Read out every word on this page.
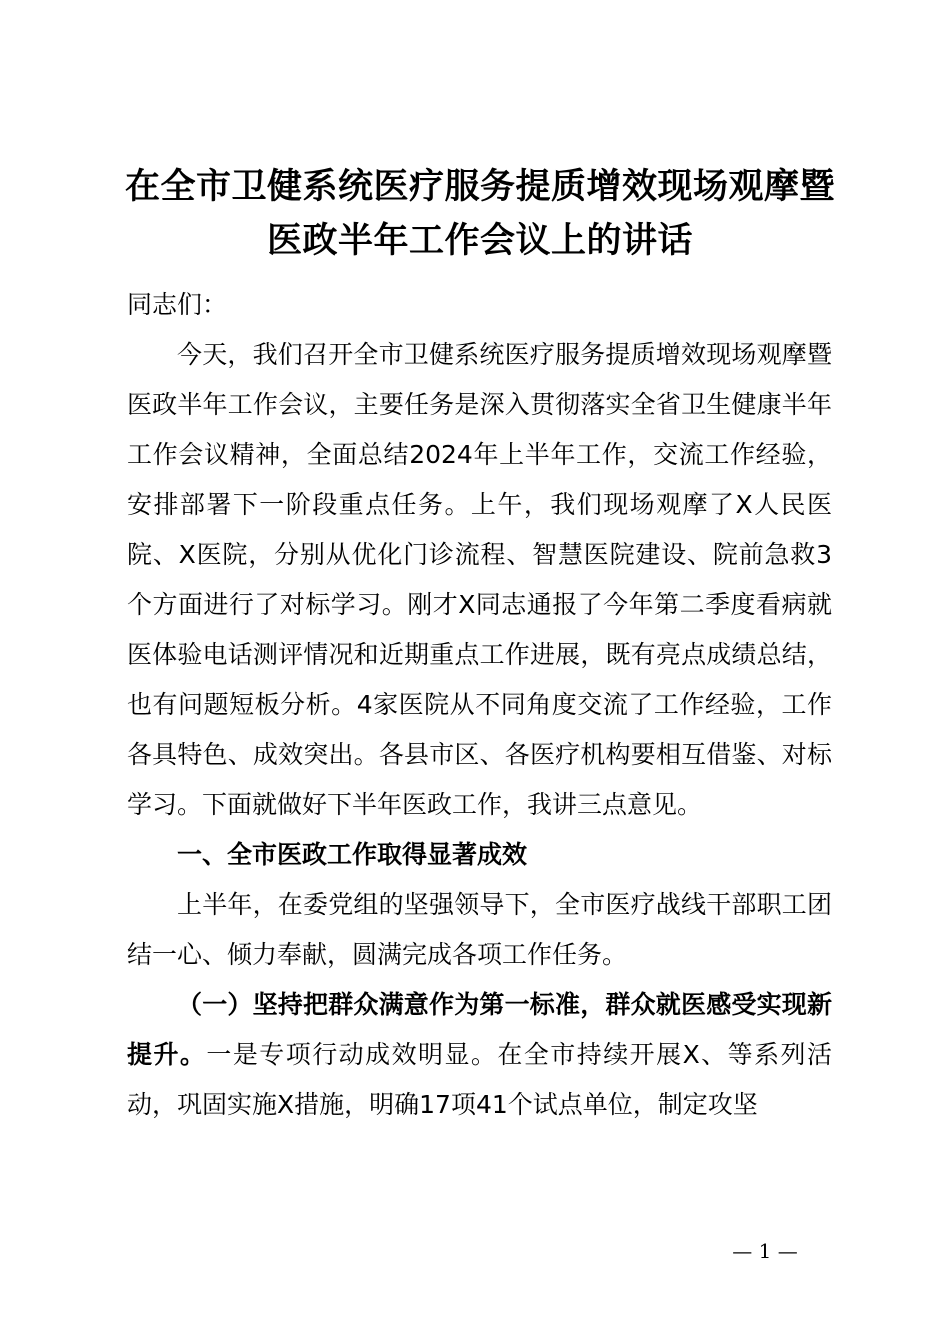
在全市卫健系统医疗服务提质增效现场观摩暨
医政半年工作会议上的讲话

同志们：

今天，我们召开全市卫健系统医疗服务提质增效现场观摩暨医政半年工作会议，主要任务是深入贯彻落实全省卫生健康半年工作会议精神，全面总结2024年上半年工作，交流工作经验，安排部署下一阶段重点任务。上午，我们现场观摩了X人民医院、X医院，分别从优化门诊流程、智慧医院建设、院前急救3个方面进行了对标学习。刚才X同志通报了今年第二季度看病就医体验电话测评情况和近期重点工作进展，既有亮点成绩总结，也有问题短板分析。4家医院从不同角度交流了工作经验，工作各具特色、成效突出。各县市区、各医疗机构要相互借鉴、对标学习。下面就做好下半年医政工作，我讲三点意见。

一、全市医政工作取得显著成效

上半年，在委党组的坚强领导下，全市医疗战线干部职工团结一心、倾力奉献，圆满完成各项工作任务。

（一）坚持把群众满意作为第一标准，群众就医感受实现新提升。一是专项行动成效明显。在全市持续开展X、等系列活动，巩固实施X措施，明确17项41个试点单位，制定攻坚

— 1 —
